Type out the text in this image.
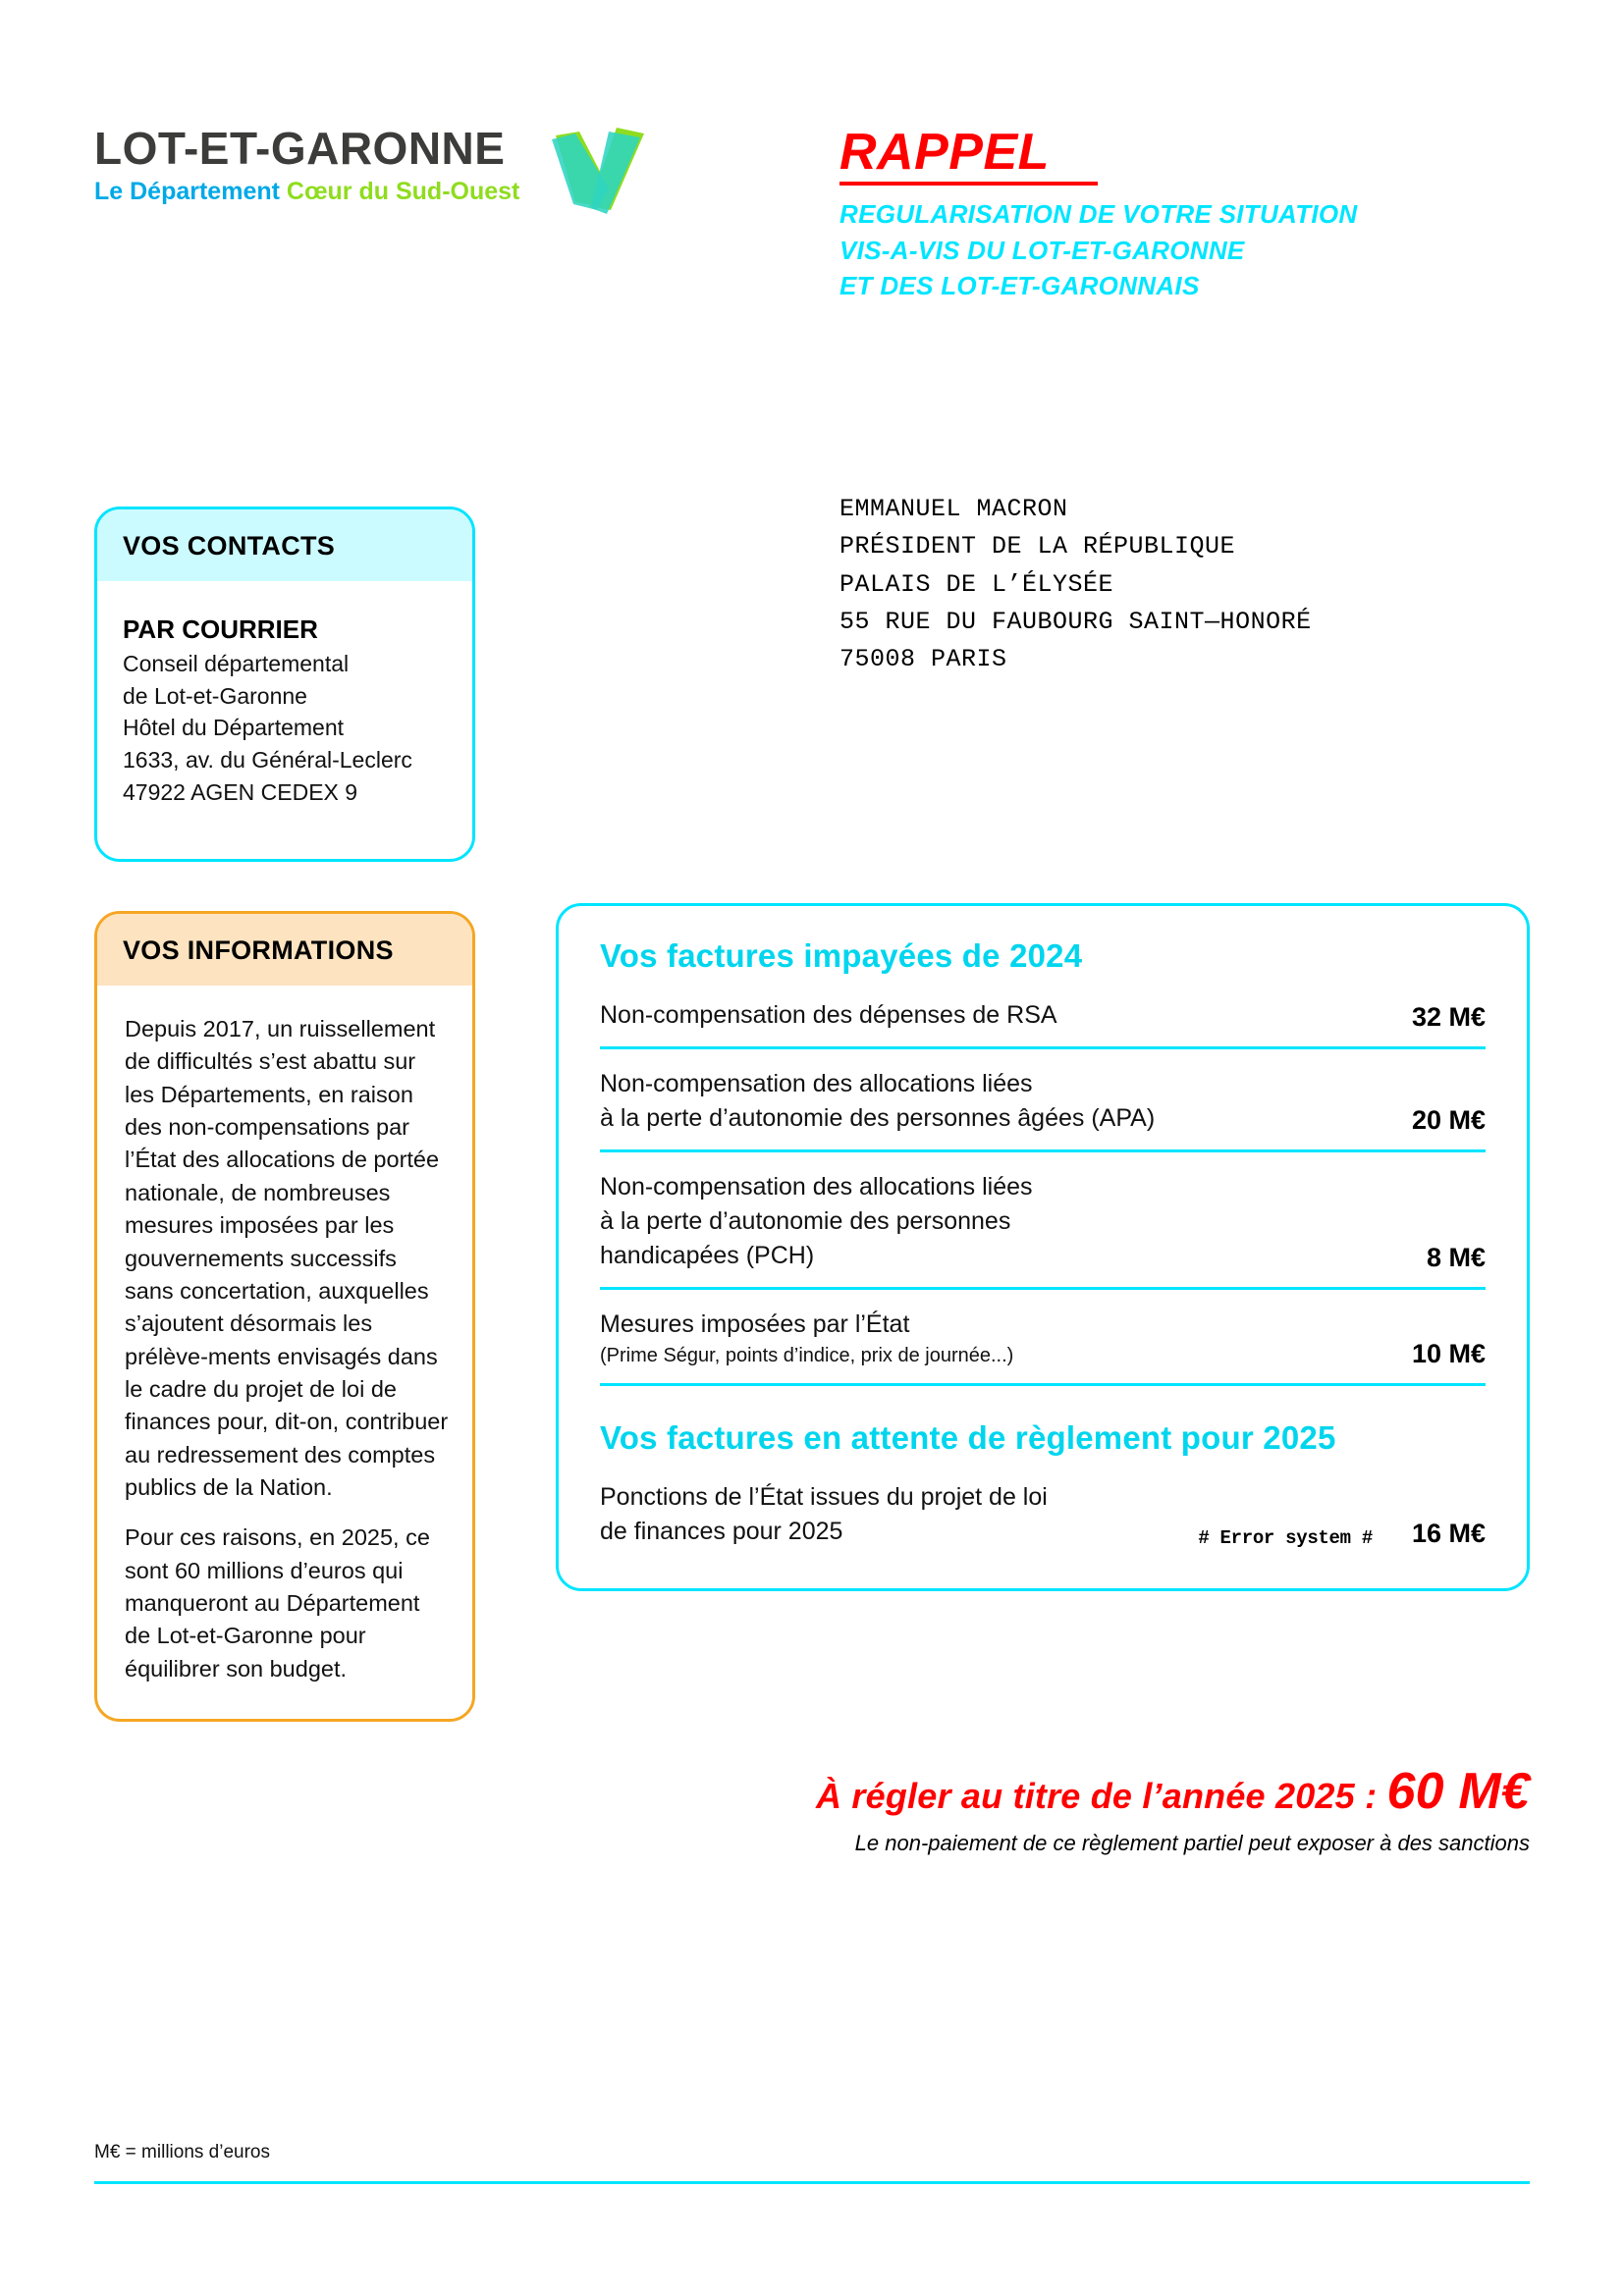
LOT-ET-GARONNE
Le Département Cœur du Sud-Ouest
RAPPEL
REGULARISATION DE VOTRE SITUATION
VIS-A-VIS DU LOT-ET-GARONNE
ET DES LOT-ET-GARONNAIS
EMMANUEL MACRON
PRÉSIDENT DE LA RÉPUBLIQUE
PALAIS DE L’ÉLYSÉE
55 RUE DU FAUBOURG SAINT—HONORÉ
75008 PARIS
VOS CONTACTS
PAR COURRIER
Conseil départemental
de Lot-et-Garonne
Hôtel du Département
1633, av. du Général-Leclerc
47922 AGEN CEDEX 9
VOS INFORMATIONS

Depuis 2017, un ruissellement de difficultés s’est abattu sur les Départements, en raison des non-compensations par l’État des allocations de portée nationale, de nombreuses mesures imposées par les gouvernements successifs sans concertation, auxquelles s’ajoutent désormais les prélève-ments envisagés dans le cadre du projet de loi de finances pour, dit-on, contribuer au redressement des comptes publics de la Nation.

Pour ces raisons, en 2025, ce sont 60 millions d’euros qui manqueront au Département de Lot-et-Garonne pour équilibrer son budget.

Vos factures impayées de 2024
Non-compensation des dépenses de RSA	32 M€
Non-compensation des allocations liées
à la perte d’autonomie des personnes âgées (APA)	20 M€
Non-compensation des allocations liées
à la perte d’autonomie des personnes
handicapées (PCH)	8 M€
Mesures imposées par l’État
(Prime Ségur, points d’indice, prix de journée...)	10 M€
Vos factures en attente de règlement pour 2025
Ponctions de l’État issues du projet de loi
de finances pour 2025	# Error system #	16 M€
À régler au titre de l’année 2025 : 60 M€
Le non-paiement de ce règlement partiel peut exposer à des sanctions
M€ = millions d’euros
